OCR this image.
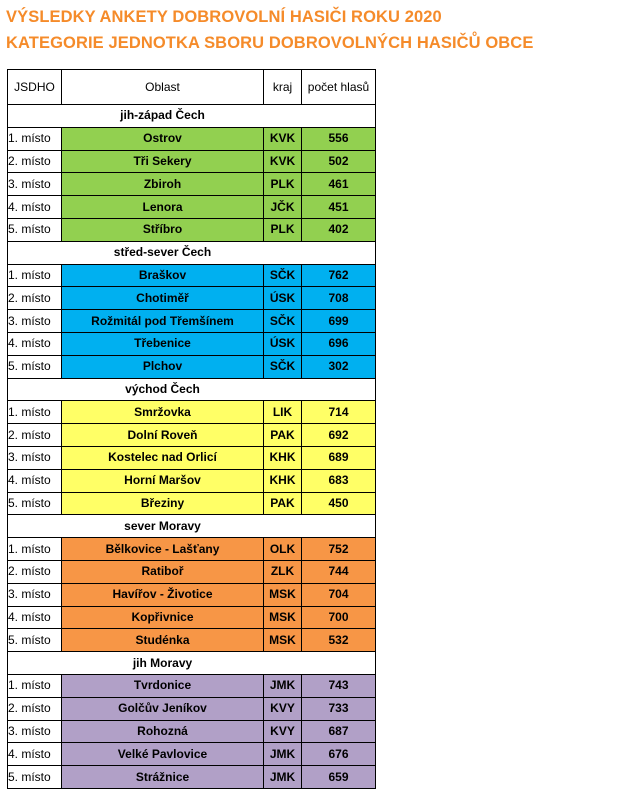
VÝSLEDKY ANKETY DOBROVOLNÍ HASIČI ROKU 2020
KATEGORIE JEDNOTKA SBORU DOBROVOLNÝCH HASIČŮ OBCE
JSDHO	Oblast	kraj	počet hlasů
	jih-západ Čech		
1. místo	Ostrov	KVK	556
2. místo	Tři Sekery	KVK	502
3. místo	Zbiroh	PLK	461
4. místo	Lenora	JČK	451
5. místo	Stříbro	PLK	402
	střed-sever Čech		
1. místo	Braškov	SČK	762
2. místo	Chotiměř	ÚSK	708
3. místo	Rožmitál pod Třemšínem	SČK	699
4. místo	Třebenice	ÚSK	696
5. místo	Plchov	SČK	302
	východ Čech		
1. místo	Smržovka	LIK	714
2. místo	Dolní Roveň	PAK	692
3. místo	Kostelec nad Orlicí	KHK	689
4. místo	Horní Maršov	KHK	683
5. místo	Březiny	PAK	450
	sever Moravy		
1. místo	Bělkovice - Lašťany	OLK	752
2. místo	Ratiboř	ZLK	744
3. místo	Havířov - Životice	MSK	704
4. místo	Kopřivnice	MSK	700
5. místo	Studénka	MSK	532
	jih Moravy		
1. místo	Tvrdonice	JMK	743
2. místo	Golčův Jeníkov	KVY	733
3. místo	Rohozná	KVY	687
4. místo	Velké Pavlovice	JMK	676
5. místo	Strážnice	JMK	659
